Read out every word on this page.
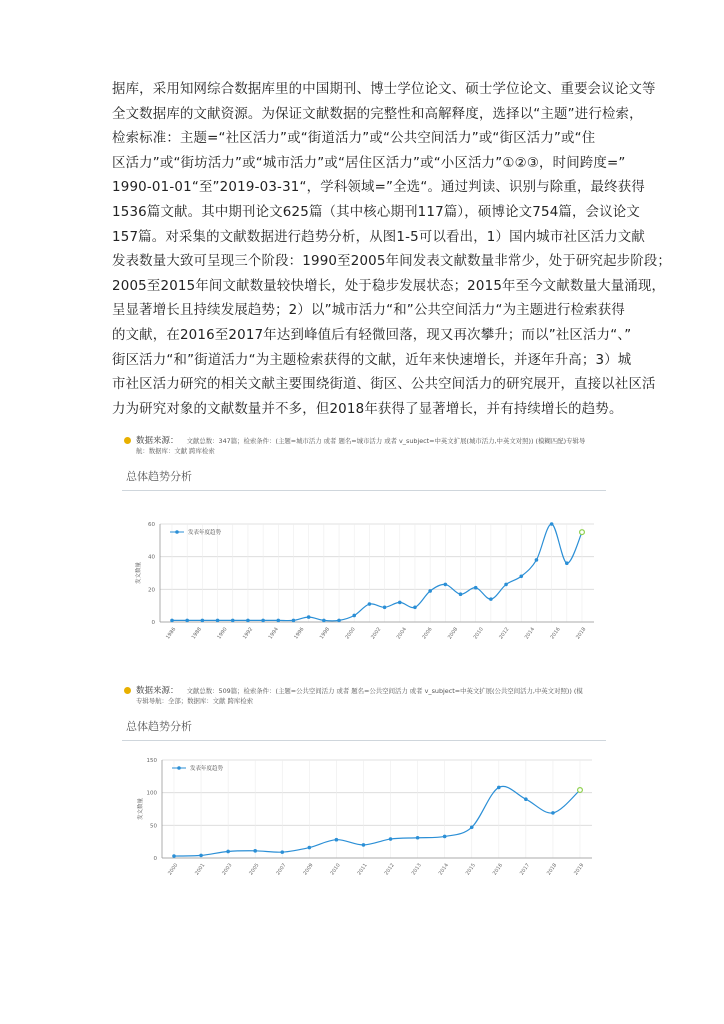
据库，采用知网综合数据库里的中国期刊、博士学位论文、硕士学位论文、重要会议论文等
全文数据库的文献资源。为保证文献数据的完整性和高解释度，选择以“主题”进行检索，
检索标准：主题=“社区活力”或“街道活力”或“公共空间活力”或“街区活力”或“住
区活力”或“街坊活力”或“城市活力”或“居住区活力”或“小区活力”①②③，时间跨度=”
1990-01-01“至”2019-03-31“，学科领域=”全选“。通过判读、识别与除重，最终获得
1536篇文献。其中期刊论文625篇（其中核心期刊117篇），硕博论文754篇，会议论文
157篇。对采集的文献数据进行趋势分析，从图1-5可以看出，1）国内城市社区活力文献
发表数量大致可呈现三个阶段：1990至2005年间发表文献数量非常少，处于研究起步阶段；
2005至2015年间文献数量较快增长，处于稳步发展状态；2015年至今文献数量大量涌现，
呈显著增长且持续发展趋势；2）以”城市活力“和”公共空间活力“为主题进行检索获得
的文献，在2016至2017年达到峰值后有轻微回落，现又再次攀升；而以”社区活力“、”
街区活力“和”街道活力“为主题检索获得的文献，近年来快速增长，并逐年升高；3）城
市社区活力研究的相关文献主要围绕街道、街区、公共空间活力的研究展开，直接以社区活
力为研究对象的文献数量并不多，但2018年获得了显著增长，并有持续增长的趋势。
数据来源： 文献总数：347篇；检索条件：(主题=城市活力 或者 题名=城市活力 或者 v_subject=中英文扩展(城市活力,中英文对照)) (模糊匹配)专辑导
航：数据库：文献 跨库检索
总体趋势分析
0
20
40
60
1986	1988	1990	1992	1994	1996	1998	2000	2002	2004	2006	2008	2010	2012	2014	2016	2018
发文数量
发表年度趋势
数据来源： 文献总数：509篇；检索条件：(主题=公共空间活力 或者 题名=公共空间活力 或者 v_subject=中英文扩展(公共空间活力,中英文对照)) (模
专辑导航：全部；数据库：文献 跨库检索
总体趋势分析
0
50
100
150
2000	2001	2003	2005	2007	2009	2010	2011	2012	2013	2014	2015	2016	2017	2018	2019
发文数量
发表年度趋势
